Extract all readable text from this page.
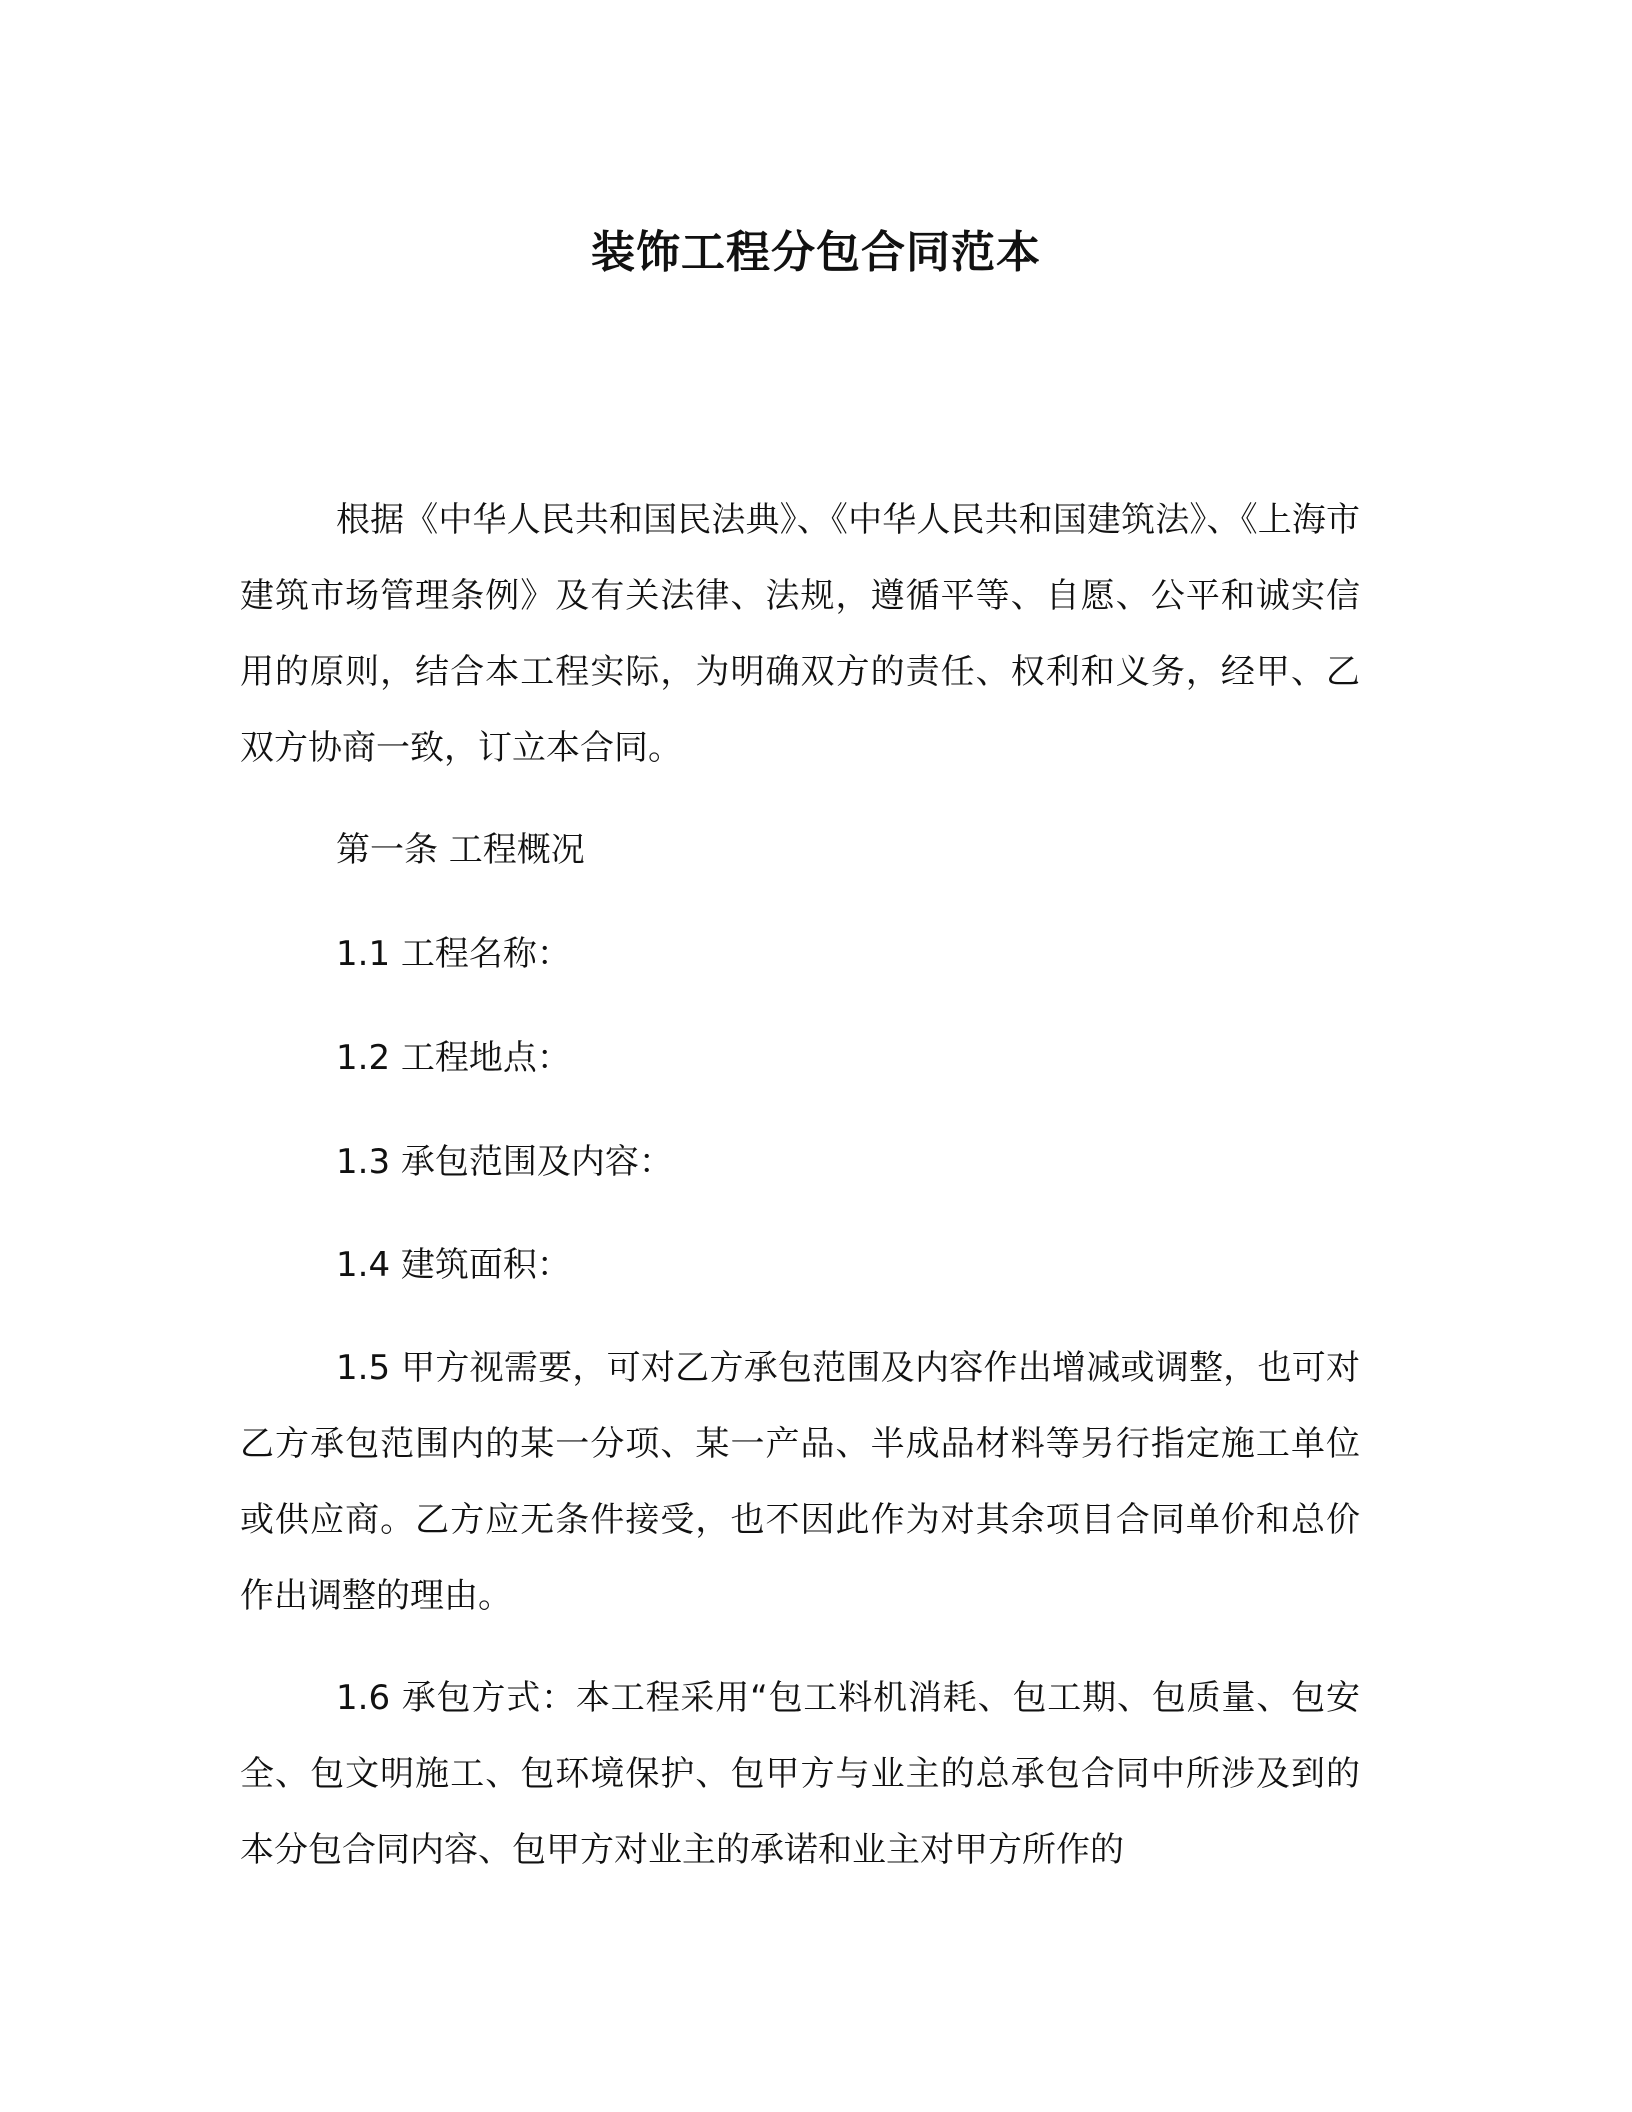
装饰工程分包合同范本

根据《中华人民共和国民法典》、《中华人民共和国建筑法》、《上海市建筑市场管理条例》及有关法律、法规，遵循平等、自愿、公平和诚实信用的原则，结合本工程实际，为明确双方的责任、权利和义务，经甲、乙双方协商一致，订立本合同。

第一条 工程概况

1.1 工程名称：

1.2 工程地点：

1.3 承包范围及内容：

1.4 建筑面积：

1.5 甲方视需要，可对乙方承包范围及内容作出增减或调整，也可对乙方承包范围内的某一分项、某一产品、半成品材料等另行指定施工单位或供应商。乙方应无条件接受，也不因此作为对其余项目合同单价和总价作出调整的理由。

1.6 承包方式：本工程采用“包工料机消耗、包工期、包质量、包安全、包文明施工、包环境保护、包甲方与业主的总承包合同中所涉及到的本分包合同内容、包甲方对业主的承诺和业主对甲方所作的
